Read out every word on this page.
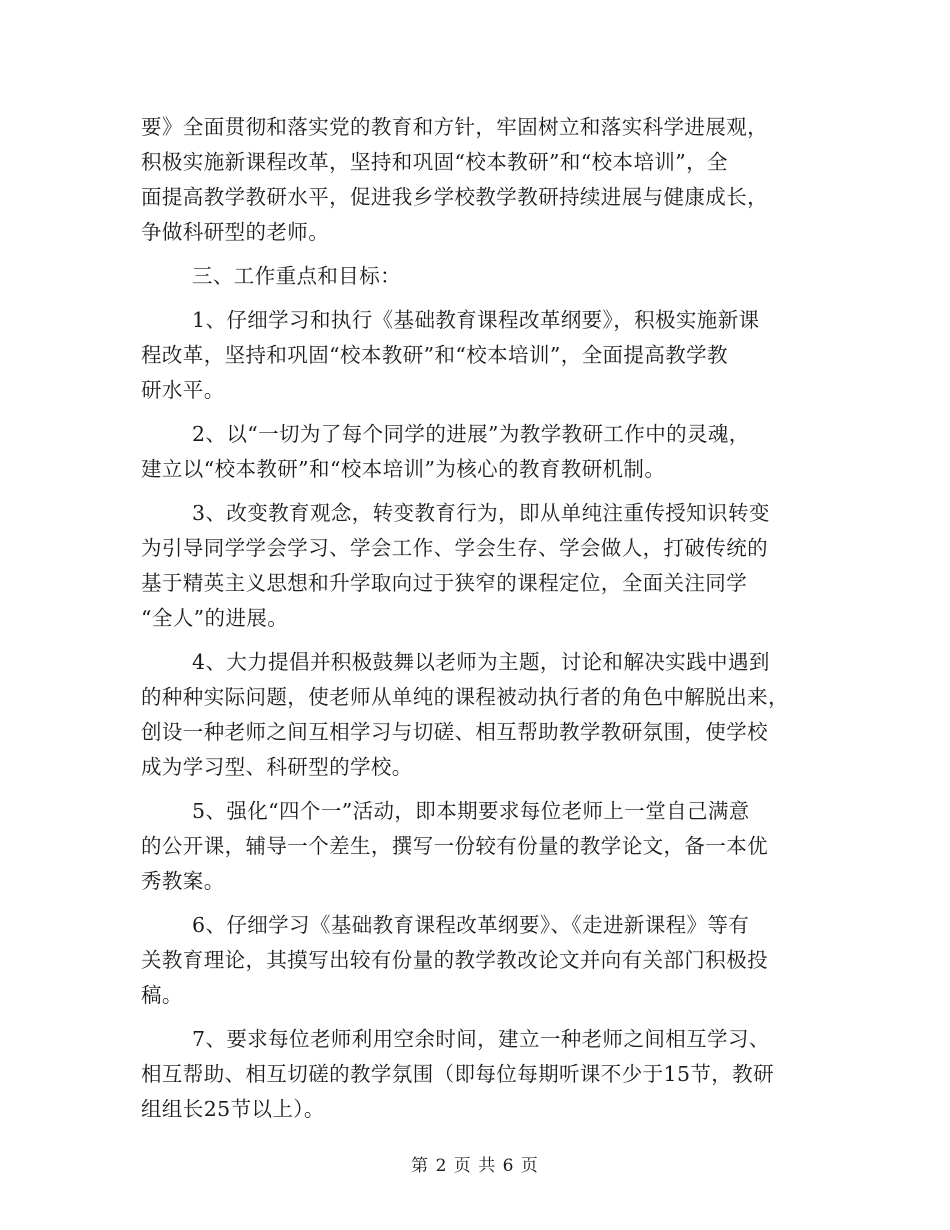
要》全面贯彻和落实党的教育和方针，牢固树立和落实科学进展观，
积极实施新课程改革，坚持和巩固“校本教研”和“校本培训”，全
面提高教学教研水平，促进我乡学校教学教研持续进展与健康成长，
争做科研型的老师。
三、工作重点和目标：
1、仔细学习和执行《基础教育课程改革纲要》，积极实施新课
程改革，坚持和巩固“校本教研”和“校本培训”，全面提高教学教
研水平。
2、以“一切为了每个同学的进展”为教学教研工作中的灵魂，
建立以“校本教研”和“校本培训”为核心的教育教研机制。
3、改变教育观念，转变教育行为，即从单纯注重传授知识转变
为引导同学学会学习、学会工作、学会生存、学会做人，打破传统的
基于精英主义思想和升学取向过于狭窄的课程定位，全面关注同学
“全人”的进展。
4、大力提倡并积极鼓舞以老师为主题，讨论和解决实践中遇到
的种种实际问题，使老师从单纯的课程被动执行者的角色中解脱出来，
创设一种老师之间互相学习与切磋、相互帮助教学教研氛围，使学校
成为学习型、科研型的学校。
5、强化“四个一”活动，即本期要求每位老师上一堂自己满意
的公开课，辅导一个差生，撰写一份较有份量的教学论文，备一本优
秀教案。
6、仔细学习《基础教育课程改革纲要》、《走进新课程》等有
关教育理论，其摸写出较有份量的教学教改论文并向有关部门积极投
稿。
7、要求每位老师利用空余时间，建立一种老师之间相互学习、
相互帮助、相互切磋的教学氛围（即每位每期听课不少于15节，教研
组组长25节以上）。
第 2 页 共 6 页
